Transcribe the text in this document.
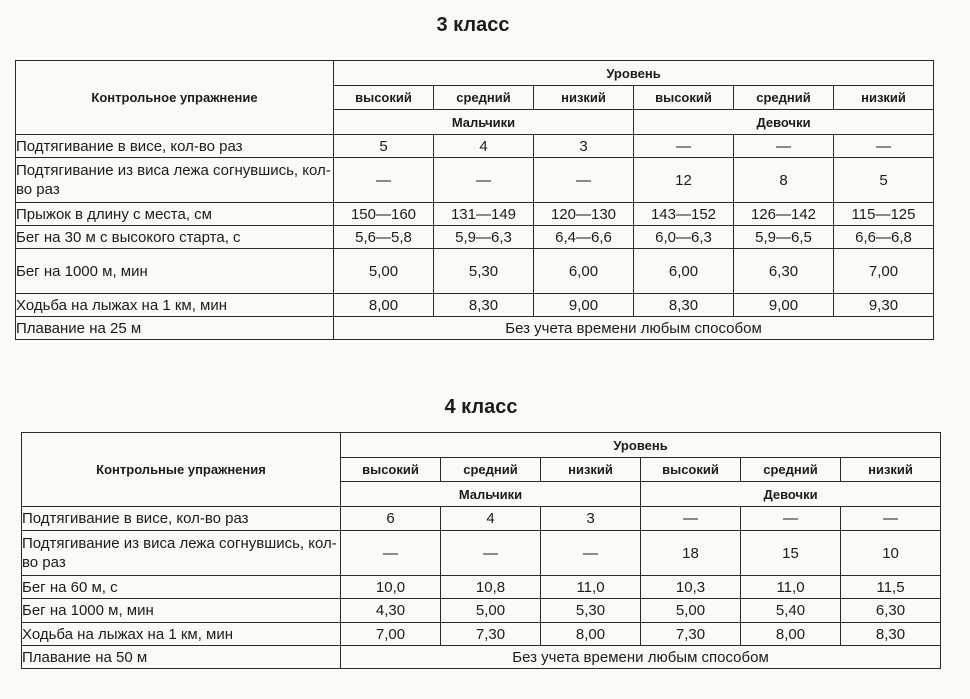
3 класс
Контрольное упражнение	Уровень					
	высокий	средний	низкий	высокий	средний	низкий
	Мальчики			Девочки		
Подтягивание в висе, кол-во раз	5	4	3	—	—	—
Подтягивание из виса лежа согнувшись, кол-во раз	—	—	—	12	8	5
Прыжок в длину с места, см	150—160	131—149	120—130	143—152	126—142	115—125
Бег на 30 м с высокого старта, с	5,6—5,8	5,9—6,3	6,4—6,6	6,0—6,3	5,9—6,5	6,6—6,8
Бег на 1000 м, мин	5,00	5,30	6,00	6,00	6,30	7,00
Ходьба на лыжах на 1 км, мин	8,00	8,30	9,00	8,30	9,00	9,30
Плавание на 25 м	Без учета времени любым способом					
4 класс
Контрольные упражнения	Уровень					
	высокий	средний	низкий	высокий	средний	низкий
	Мальчики			Девочки		
Подтягивание в висе, кол-во раз	6	4	3	—	—	—
Подтягивание из виса лежа согнувшись, кол-во раз	—	—	—	18	15	10
Бег на 60 м, с	10,0	10,8	11,0	10,3	11,0	11,5
Бег на 1000 м, мин	4,30	5,00	5,30	5,00	5,40	6,30
Ходьба на лыжах на 1 км, мин	7,00	7,30	8,00	7,30	8,00	8,30
Плавание на 50 м	Без учета времени любым способом					
